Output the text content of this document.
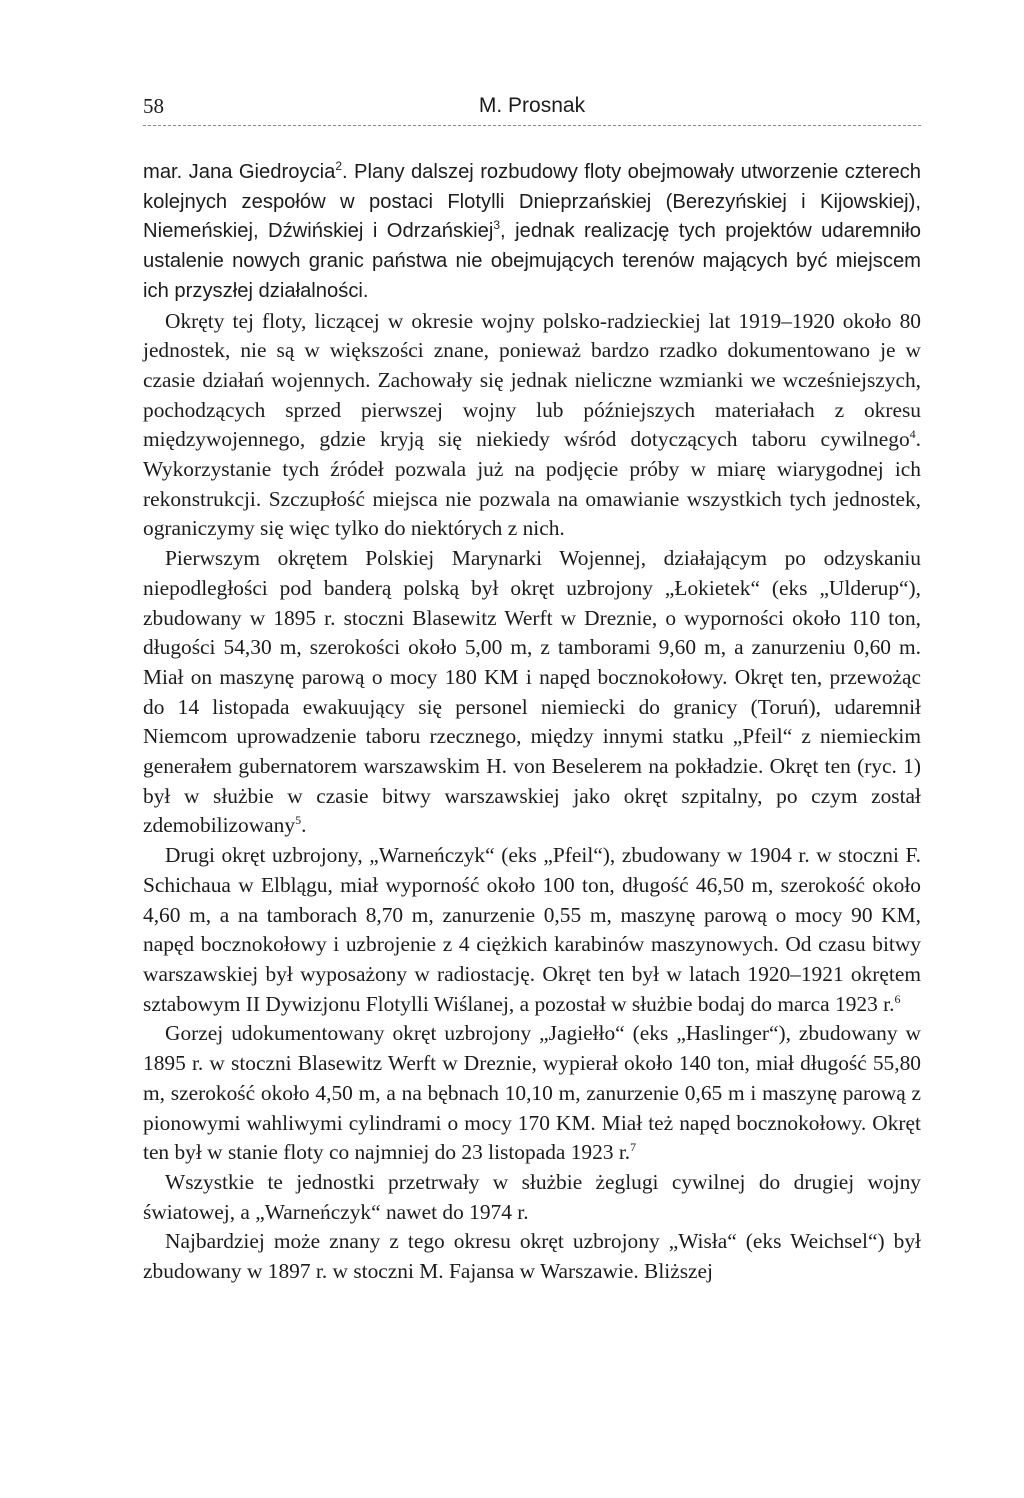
58	M. Prosnak

mar. Jana Giedroycia$^2$. Plany dalszej rozbudowy floty obejmowały utworzenie czterech kolejnych zespołów w postaci Flotylli Dnieprzańskiej (Berezyńskiej i Kijowskiej), Niemeńskiej, Dźwińskiej i Odrzańskiej$^3$, jednak realizację tych projektów udaremniło ustalenie nowych granic państwa nie obejmujących terenów mających być miejscem ich przyszłej działalności.

Okręty tej floty, liczącej w okresie wojny polsko-radzieckiej lat 1919–1920 około 80 jednostek, nie są w większości znane, ponieważ bardzo rzadko dokumentowano je w czasie działań wojennych. Zachowały się jednak nieliczne wzmianki we wcześniejszych, pochodzących sprzed pierwszej wojny lub późniejszych materiałach z okresu międzywojennego, gdzie kryją się niekiedy wśród dotyczących taboru cywilnego$^4$. Wykorzystanie tych źródeł pozwala już na podjęcie próby w miarę wiarygodnej ich rekonstrukcji. Szczupłość miejsca nie pozwala na omawianie wszystkich tych jednostek, ograniczymy się więc tylko do niektórych z nich.

Pierwszym okrętem Polskiej Marynarki Wojennej, działającym po odzyskaniu niepodległości pod banderą polską był okręt uzbrojony „Łokietek“ (eks „Ulderup“), zbudowany w 1895 r. stoczni Blasewitz Werft w Dreznie, o wyporności około 110 ton, długości 54,30 m, szerokości około 5,00 m, z tamborami 9,60 m, a zanurzeniu 0,60 m. Miał on maszynę parową o mocy 180 KM i napęd bocznokołowy. Okręt ten, przewożąc do 14 listopada ewakuujący się personel niemiecki do granicy (Toruń), udaremnił Niemcom uprowadzenie taboru rzecznego, między innymi statku „Pfeil“ z niemieckim generałem gubernatorem warszawskim H. von Beselerem na pokładzie. Okręt ten (ryc. 1) był w służbie w czasie bitwy warszawskiej jako okręt szpitalny, po czym został zdemobilizowany$^5$.

Drugi okręt uzbrojony, „Warneńczyk“ (eks „Pfeil“), zbudowany w 1904 r. w stoczni F. Schichaua w Elblągu, miał wyporność około 100 ton, długość 46,50 m, szerokość około 4,60 m, a na tamborach 8,70 m, zanurzenie 0,55 m, maszynę parową o mocy 90 KM, napęd bocznokołowy i uzbrojenie z 4 ciężkich karabinów maszynowych. Od czasu bitwy warszawskiej był wyposażony w radiostację. Okręt ten był w latach 1920–1921 okrętem sztabowym II Dywizjonu Flotylli Wiślanej, a pozostał w służbie bodaj do marca 1923 r.$^6$

Gorzej udokumentowany okręt uzbrojony „Jagiełło“ (eks „Haslinger“), zbudowany w 1895 r. w stoczni Blasewitz Werft w Dreznie, wypierał około 140 ton, miał długość 55,80 m, szerokość około 4,50 m, a na bębnach 10,10 m, zanurzenie 0,65 m i maszynę parową z pionowymi wahliwymi cylindrami o mocy 170 KM. Miał też napęd bocznokołowy. Okręt ten był w stanie floty co najmniej do 23 listopada 1923 r.$^7$

Wszystkie te jednostki przetrwały w służbie żeglugi cywilnej do drugiej wojny światowej, a „Warneńczyk“ nawet do 1974 r.

Najbardziej może znany z tego okresu okręt uzbrojony „Wisła“ (eks Weichsel“) był zbudowany w 1897 r. w stoczni M. Fajansa w Warszawie. Bliższej
